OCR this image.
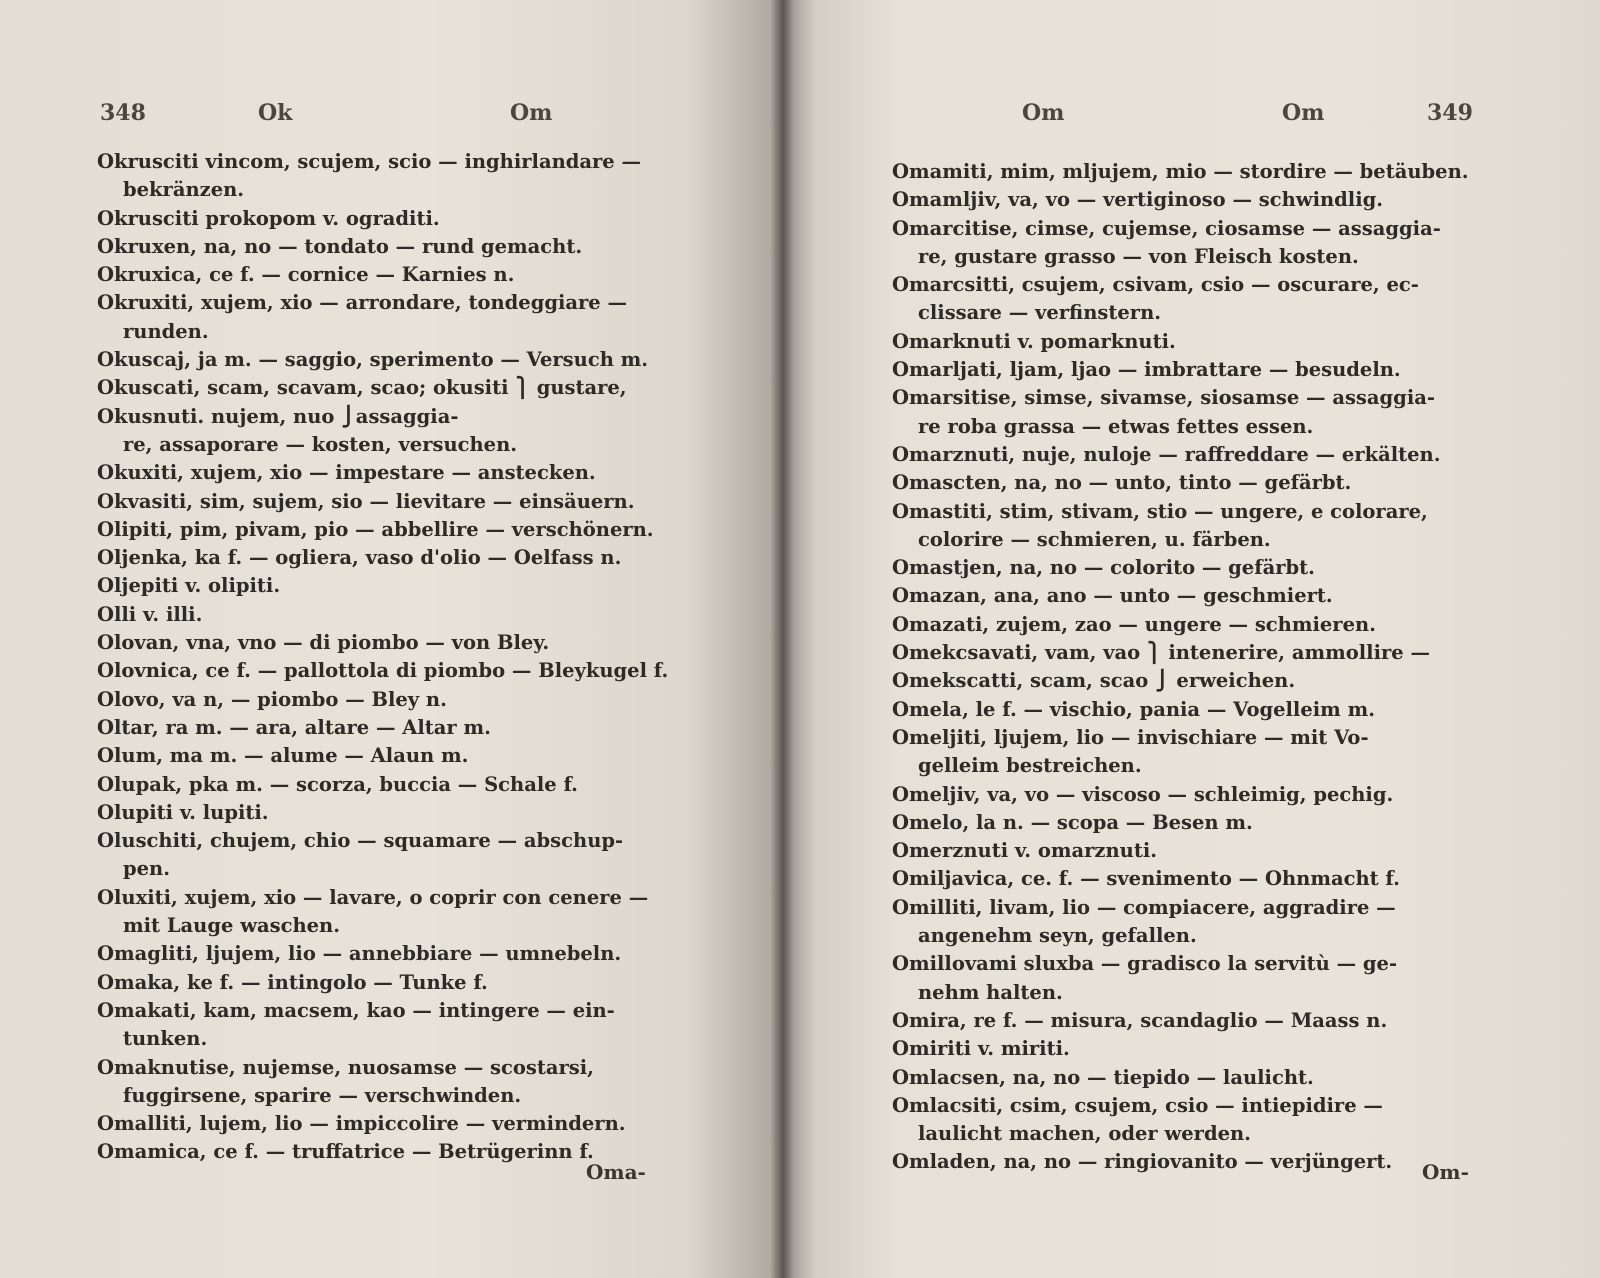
348	Ok	Om
Okrusciti vincom, scujem, scio — inghirlandare —
bekränzen.
Okrusciti prokopom v. ograditi.
Okruxen, na, no — tondato — rund gemacht.
Okruxica, ce f. — cornice — Karnies n.
Okruxiti, xujem, xio — arrondare, tondeggiare —
runden.
Okuscaj, ja m. — saggio, sperimento — Versuch m.
Okuscati, scam, scavam, scao; okusiti ⎫ gustare,
Okusnuti. nujem, nuo ⎭assaggia-
re, assaporare — kosten, versuchen.
Okuxiti, xujem, xio — impestare — anstecken.
Okvasiti, sim, sujem, sio — lievitare — einsäuern.
Olipiti, pim, pivam, pio — abbellire — verschönern.
Oljenka, ka f. — ogliera, vaso d'olio — Oelfass n.
Oljepiti v. olipiti.
Olli v. illi.
Olovan, vna, vno — di piombo — von Bley.
Olovnica, ce f. — pallottola di piombo — Bleykugel f.
Olovo, va n, — piombo — Bley n.
Oltar, ra m. — ara, altare — Altar m.
Olum, ma m. — alume — Alaun m.
Olupak, pka m. — scorza, buccia — Schale f.
Olupiti v. lupiti.
Oluschiti, chujem, chio — squamare — abschup-
pen.
Oluxiti, xujem, xio — lavare, o coprir con cenere —
mit Lauge waschen.
Omagliti, ljujem, lio — annebbiare — umnebeln.
Omaka, ke f. — intingolo — Tunke f.
Omakati, kam, macsem, kao — intingere — ein-
tunken.
Omaknutise, nujemse, nuosamse — scostarsi,
fuggirsene, sparire — verschwinden.
Omalliti, lujem, lio — impiccolire — vermindern.
Omamica, ce f. — truffatrice — Betrügerinn f.
Oma-
Om	Om	349
Omamiti, mim, mljujem, mio — stordire — betäuben.
Omamljiv, va, vo — vertiginoso — schwindlig.
Omarcitise, cimse, cujemse, ciosamse — assaggia-
re, gustare grasso — von Fleisch kosten.
Omarcsitti, csujem, csivam, csio — oscurare, ec-
clissare — verfinstern.
Omarknuti v. pomarknuti.
Omarljati, ljam, ljao — imbrattare — besudeln.
Omarsitise, simse, sivamse, siosamse — assaggia-
re roba grassa — etwas fettes essen.
Omarznuti, nuje, nuloje — raffreddare — erkälten.
Omascten, na, no — unto, tinto — gefärbt.
Omastiti, stim, stivam, stio — ungere, e colorare,
colorire — schmieren, u. färben.
Omastjen, na, no — colorito — gefärbt.
Omazan, ana, ano — unto — geschmiert.
Omazati, zujem, zao — ungere — schmieren.
Omekcsavati, vam, vao ⎫ intenerire, ammollire —
Omekscatti, scam, scao ⎭ erweichen.
Omela, le f. — vischio, pania — Vogelleim m.
Omeljiti, ljujem, lio — invischiare — mit Vo-
gelleim bestreichen.
Omeljiv, va, vo — viscoso — schleimig, pechig.
Omelo, la n. — scopa — Besen m.
Omerznuti v. omarznuti.
Omiljavica, ce. f. — svenimento — Ohnmacht f.
Omilliti, livam, lio — compiacere, aggradire —
angenehm seyn, gefallen.
Omillovami sluxba — gradisco la servitù — ge-
nehm halten.
Omira, re f. — misura, scandaglio — Maass n.
Omiriti v. miriti.
Omlacsen, na, no — tiepido — laulicht.
Omlacsiti, csim, csujem, csio — intiepidire —
laulicht machen, oder werden.
Omladen, na, no — ringiovanito — verjüngert.	Om-
